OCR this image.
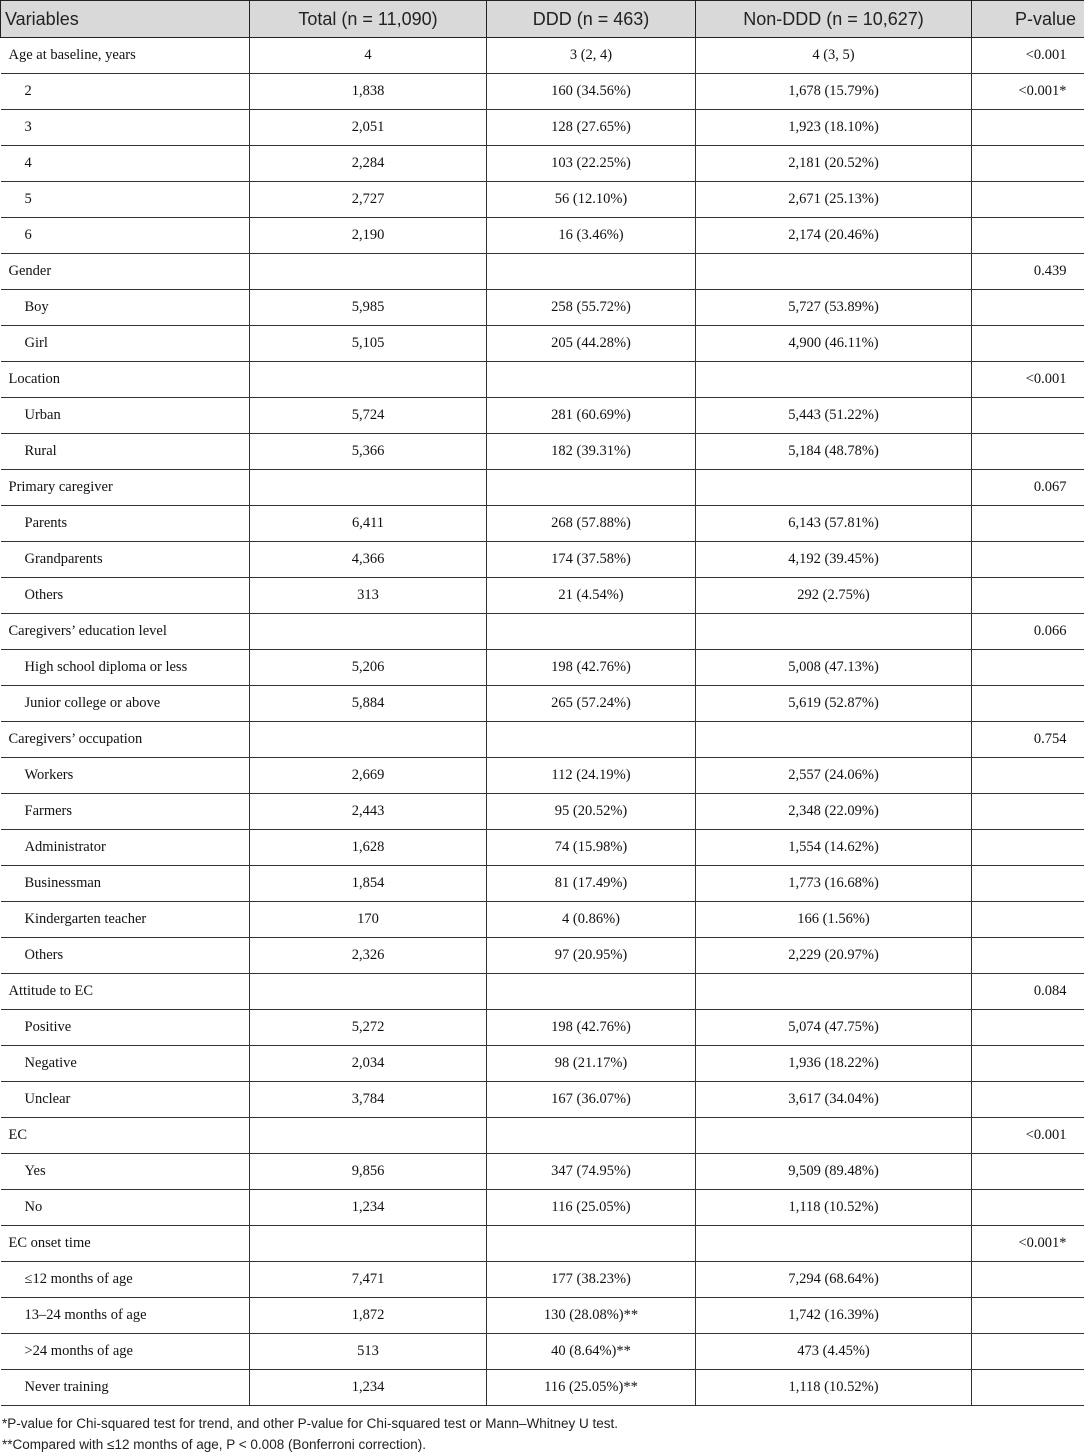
Variables	Total (n = 11,090)	DDD (n = 463)	Non-DDD (n = 10,627)	P-value
Age at baseline, years	4	3 (2, 4)	4 (3, 5)	<0.001
2	1,838	160 (34.56%)	1,678 (15.79%)	<0.001*
3	2,051	128 (27.65%)	1,923 (18.10%)	
4	2,284	103 (22.25%)	2,181 (20.52%)	
5	2,727	56 (12.10%)	2,671 (25.13%)	
6	2,190	16 (3.46%)	2,174 (20.46%)	
Gender				0.439
Boy	5,985	258 (55.72%)	5,727 (53.89%)	
Girl	5,105	205 (44.28%)	4,900 (46.11%)	
Location				<0.001
Urban	5,724	281 (60.69%)	5,443 (51.22%)	
Rural	5,366	182 (39.31%)	5,184 (48.78%)	
Primary caregiver				0.067
Parents	6,411	268 (57.88%)	6,143 (57.81%)	
Grandparents	4,366	174 (37.58%)	4,192 (39.45%)	
Others	313	21 (4.54%)	292 (2.75%)	
Caregivers’ education level				0.066
High school diploma or less	5,206	198 (42.76%)	5,008 (47.13%)	
Junior college or above	5,884	265 (57.24%)	5,619 (52.87%)	
Caregivers’ occupation				0.754
Workers	2,669	112 (24.19%)	2,557 (24.06%)	
Farmers	2,443	95 (20.52%)	2,348 (22.09%)	
Administrator	1,628	74 (15.98%)	1,554 (14.62%)	
Businessman	1,854	81 (17.49%)	1,773 (16.68%)	
Kindergarten teacher	170	4 (0.86%)	166 (1.56%)	
Others	2,326	97 (20.95%)	2,229 (20.97%)	
Attitude to EC				0.084
Positive	5,272	198 (42.76%)	5,074 (47.75%)	
Negative	2,034	98 (21.17%)	1,936 (18.22%)	
Unclear	3,784	167 (36.07%)	3,617 (34.04%)	
EC				<0.001
Yes	9,856	347 (74.95%)	9,509 (89.48%)	
No	1,234	116 (25.05%)	1,118 (10.52%)	
EC onset time				<0.001*
≤12 months of age	7,471	177 (38.23%)	7,294 (68.64%)	
13–24 months of age	1,872	130 (28.08%)**	1,742 (16.39%)	
>24 months of age	513	40 (8.64%)**	473 (4.45%)	
Never training	1,234	116 (25.05%)**	1,118 (10.52%)	
*P-value for Chi-squared test for trend, and other P-value for Chi-squared test or Mann–Whitney U test.
**Compared with ≤12 months of age, P < 0.008 (Bonferroni correction).
